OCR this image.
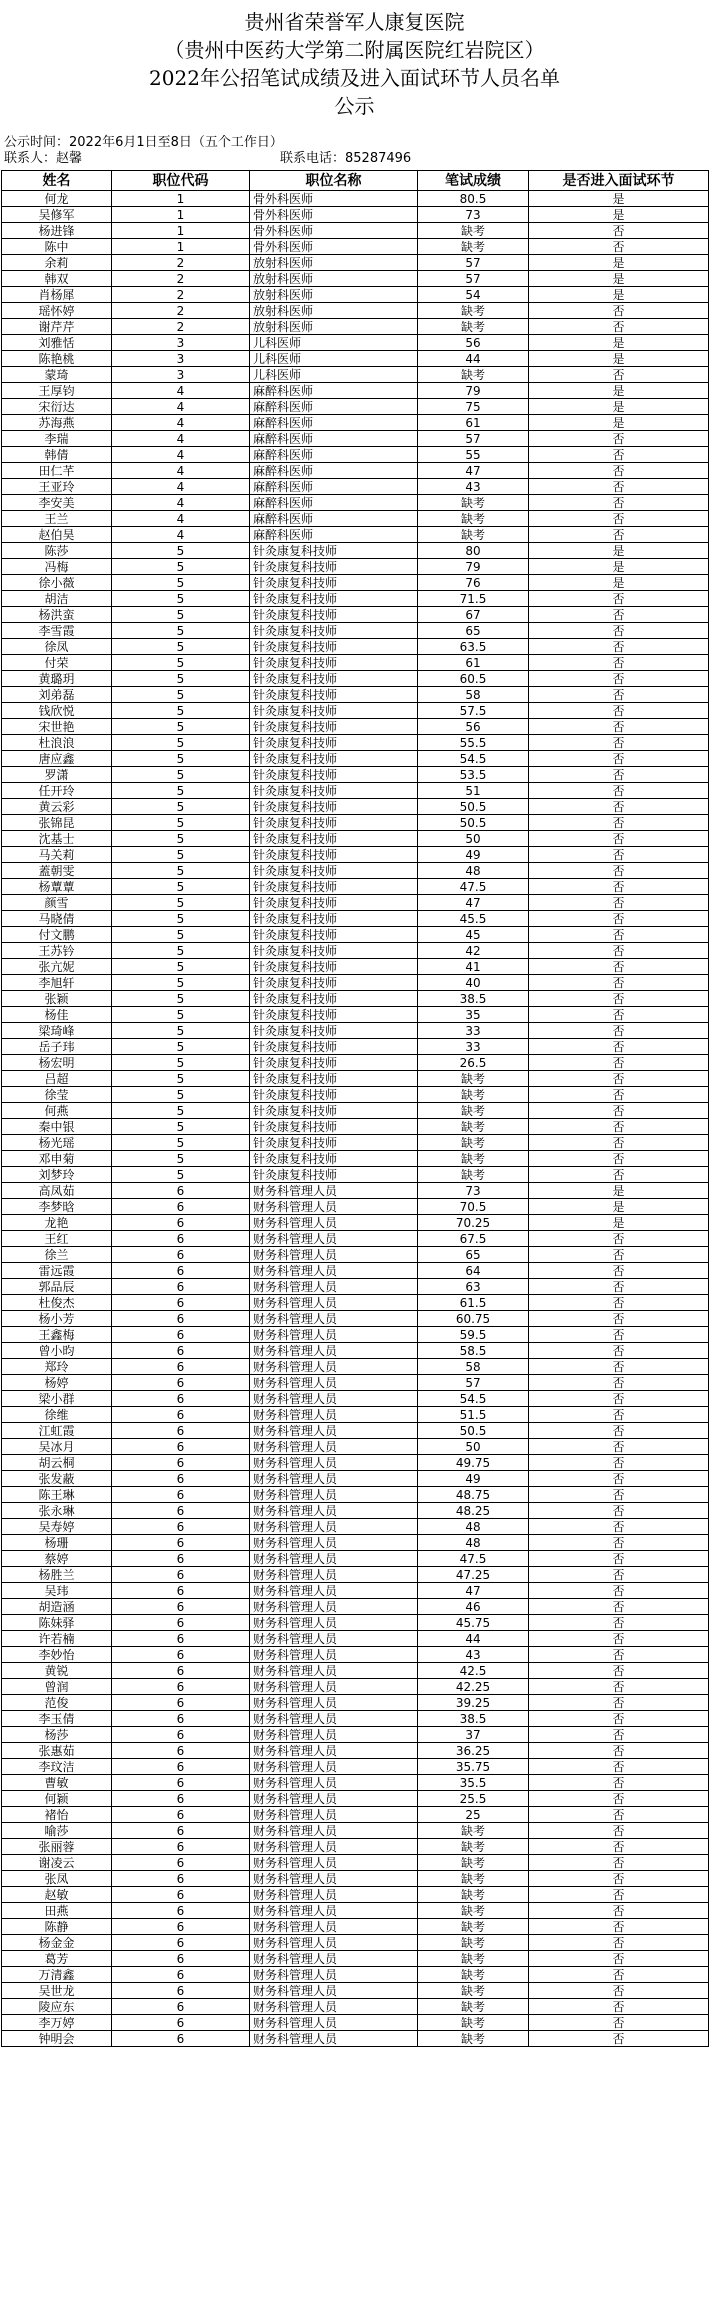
贵州省荣誉军人康复医院

（贵州中医药大学第二附属医院红岩院区）

2022年公招笔试成绩及进入面试环节人员名单

公示

公示时间：2022年6月1日至8日（五个工作日）
联系人：赵馨	联系电话：85287496
姓名	职位代码	职位名称	笔试成绩	是否进入面试环节
何龙	1	骨外科医师	80.5	是
吴修军	1	骨外科医师	73	是
杨进锋	1	骨外科医师	缺考	否
陈中	1	骨外科医师	缺考	否
余莉	2	放射科医师	57	是
韩双	2	放射科医师	57	是
肖杨犀	2	放射科医师	54	是
瑶怀婷	2	放射科医师	缺考	否
谢芹芹	2	放射科医师	缺考	否
刘雅恬	3	儿科医师	56	是
陈艳桃	3	儿科医师	44	是
蒙琦	3	儿科医师	缺考	否
王厚钧	4	麻醉科医师	79	是
宋衍达	4	麻醉科医师	75	是
苏海燕	4	麻醉科医师	61	是
李瑞	4	麻醉科医师	57	否
韩倩	4	麻醉科医师	55	否
田仁芊	4	麻醉科医师	47	否
王亚玲	4	麻醉科医师	43	否
李安美	4	麻醉科医师	缺考	否
王兰	4	麻醉科医师	缺考	否
赵伯昊	4	麻醉科医师	缺考	否
陈莎	5	针灸康复科技师	80	是
冯梅	5	针灸康复科技师	79	是
徐小薇	5	针灸康复科技师	76	是
胡洁	5	针灸康复科技师	71.5	否
杨洪蛮	5	针灸康复科技师	67	否
李雪霞	5	针灸康复科技师	65	否
徐凤	5	针灸康复科技师	63.5	否
付荣	5	针灸康复科技师	61	否
黄璐玥	5	针灸康复科技师	60.5	否
刘弟磊	5	针灸康复科技师	58	否
钱欣悦	5	针灸康复科技师	57.5	否
宋世艳	5	针灸康复科技师	56	否
杜浪浪	5	针灸康复科技师	55.5	否
唐应鑫	5	针灸康复科技师	54.5	否
罗潇	5	针灸康复科技师	53.5	否
任开玲	5	针灸康复科技师	51	否
黄云彩	5	针灸康复科技师	50.5	否
张锦昆	5	针灸康复科技师	50.5	否
沈基士	5	针灸康复科技师	50	否
马关莉	5	针灸康复科技师	49	否
蓋朝雯	5	针灸康复科技师	48	否
杨蕈蕈	5	针灸康复科技师	47.5	否
颜雪	5	针灸康复科技师	47	否
马晓倩	5	针灸康复科技师	45.5	否
付文鹏	5	针灸康复科技师	45	否
王苏钤	5	针灸康复科技师	42	否
张亢妮	5	针灸康复科技师	41	否
李旭轩	5	针灸康复科技师	40	否
张颖	5	针灸康复科技师	38.5	否
杨佳	5	针灸康复科技师	35	否
梁琦峰	5	针灸康复科技师	33	否
岳子玮	5	针灸康复科技师	33	否
杨宏明	5	针灸康复科技师	26.5	否
吕超	5	针灸康复科技师	缺考	否
徐莹	5	针灸康复科技师	缺考	否
何燕	5	针灸康复科技师	缺考	否
秦中银	5	针灸康复科技师	缺考	否
杨光瑶	5	针灸康复科技师	缺考	否
邓申菊	5	针灸康复科技师	缺考	否
刘梦玲	5	针灸康复科技师	缺考	否
高凤茹	6	财务科管理人员	73	是
李梦晗	6	财务科管理人员	70.5	是
龙艳	6	财务科管理人员	70.25	是
王红	6	财务科管理人员	67.5	否
徐兰	6	财务科管理人员	65	否
雷远霞	6	财务科管理人员	64	否
郭品辰	6	财务科管理人员	63	否
杜俊杰	6	财务科管理人员	61.5	否
杨小芳	6	财务科管理人员	60.75	否
王鑫梅	6	财务科管理人员	59.5	否
曾小昀	6	财务科管理人员	58.5	否
郑玲	6	财务科管理人员	58	否
杨婷	6	财务科管理人员	57	否
梁小群	6	财务科管理人员	54.5	否
徐维	6	财务科管理人员	51.5	否
江虹霞	6	财务科管理人员	50.5	否
吴冰月	6	财务科管理人员	50	否
胡云桐	6	财务科管理人员	49.75	否
张发蔽	6	财务科管理人员	49	否
陈王琳	6	财务科管理人员	48.75	否
张永琳	6	财务科管理人员	48.25	否
吴寿婷	6	财务科管理人员	48	否
杨珊	6	财务科管理人员	48	否
蔡婷	6	财务科管理人员	47.5	否
杨胜兰	6	财务科管理人员	47.25	否
吴玮	6	财务科管理人员	47	否
胡造涵	6	财务科管理人员	46	否
陈妹驿	6	财务科管理人员	45.75	否
许若楠	6	财务科管理人员	44	否
李妙怡	6	财务科管理人员	43	否
黄锐	6	财务科管理人员	42.5	否
曾润	6	财务科管理人员	42.25	否
范俊	6	财务科管理人员	39.25	否
李玉倩	6	财务科管理人员	38.5	否
杨莎	6	财务科管理人员	37	否
张惠茹	6	财务科管理人员	36.25	否
李玟洁	6	财务科管理人员	35.75	否
曹敏	6	财务科管理人员	35.5	否
何颖	6	财务科管理人员	25.5	否
褚怡	6	财务科管理人员	25	否
喻莎	6	财务科管理人员	缺考	否
张丽蓉	6	财务科管理人员	缺考	否
谢凌云	6	财务科管理人员	缺考	否
张凤	6	财务科管理人员	缺考	否
赵敏	6	财务科管理人员	缺考	否
田燕	6	财务科管理人员	缺考	否
陈静	6	财务科管理人员	缺考	否
杨金金	6	财务科管理人员	缺考	否
葛芳	6	财务科管理人员	缺考	否
万清鑫	6	财务科管理人员	缺考	否
吴世龙	6	财务科管理人员	缺考	否
陵应东	6	财务科管理人员	缺考	否
李万婷	6	财务科管理人员	缺考	否
钟明会	6	财务科管理人员	缺考	否
